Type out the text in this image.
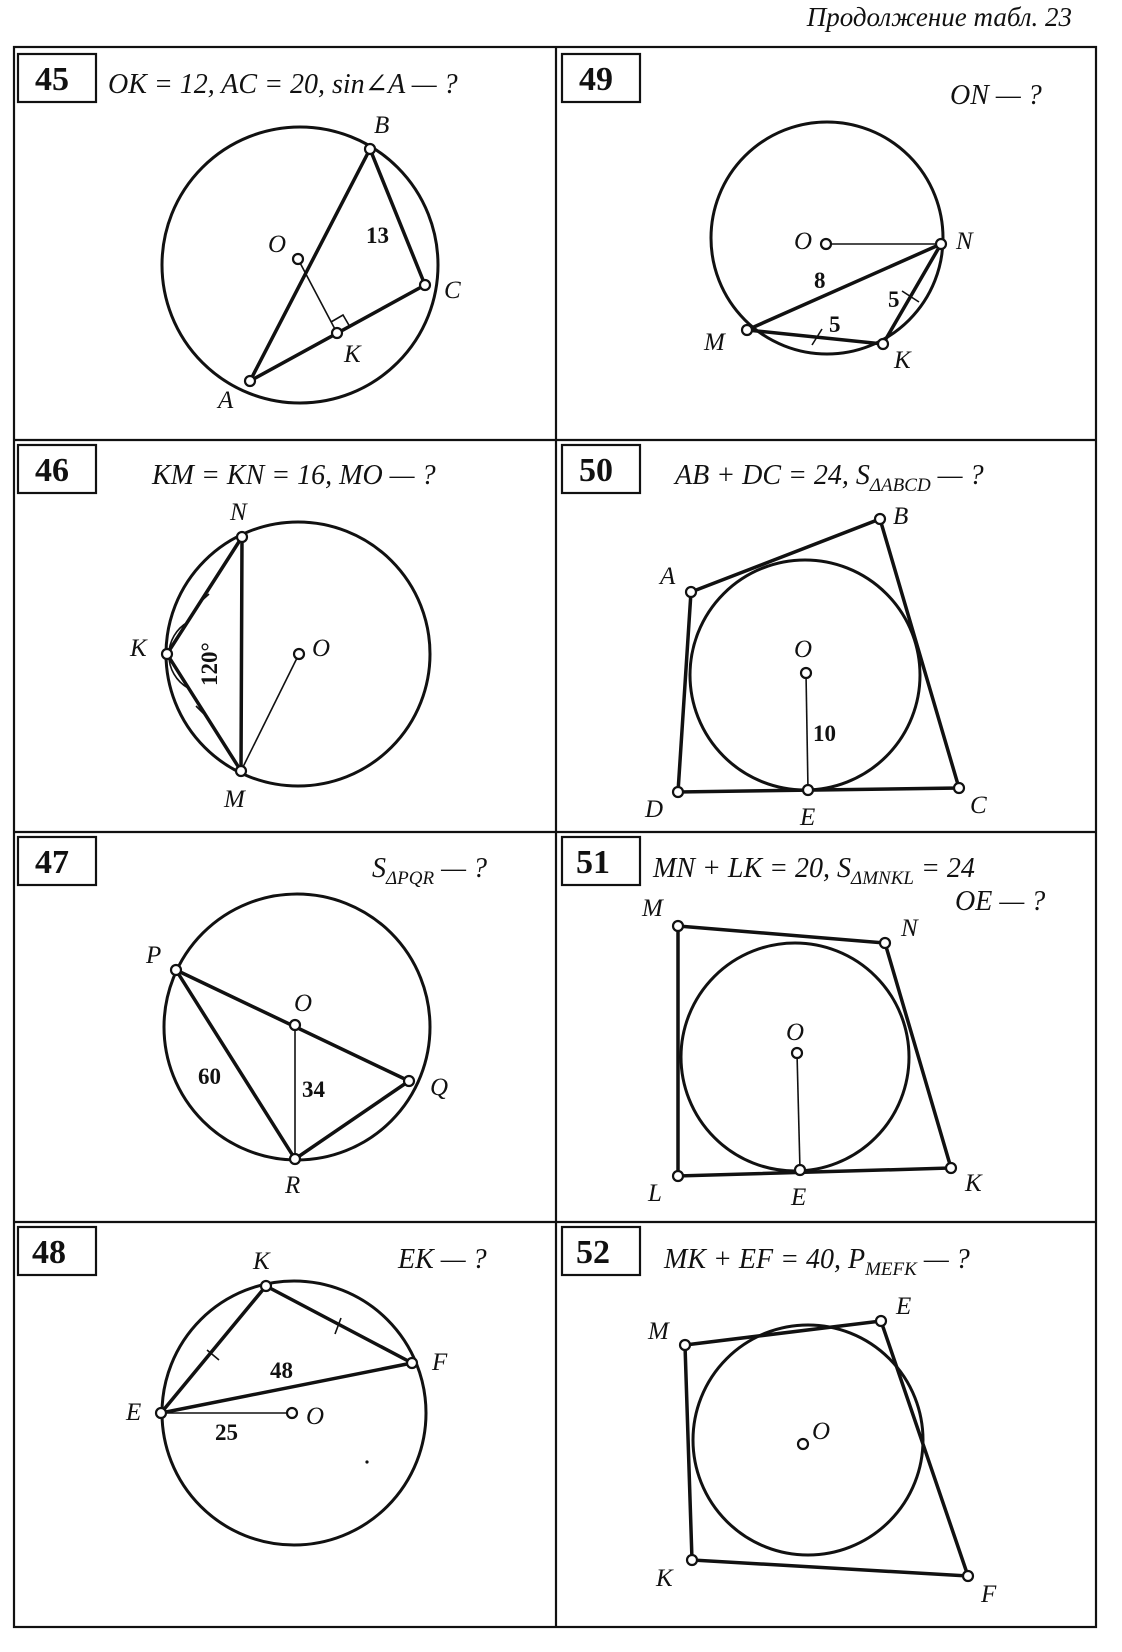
Продолжение табл. 23
45 OK = 12, AC = 20, sin∠A — ?
B
O
C
K
A
13
49	ON — ?
O	N
M
K
8
5
5
46	KM = KN = 16, MO — ?
N
K	O
M
120°
50 AB + DC = 24, $S_{\Delta ABCD}$ — ?
A
B
O
D	E	C
10
47	$S_{\Delta PQR}$ — ?
P
O
Q
R
60
34
51 MN + LK = 20, $S_{\Delta MNKL} = 24$
OE — ?
M
N
O
L	E
K
48	EK — ?
K
F
E	O
48
25
52 MK + EF = 40, $P_{MEFK}$ — ?
M
E
O
K
F
